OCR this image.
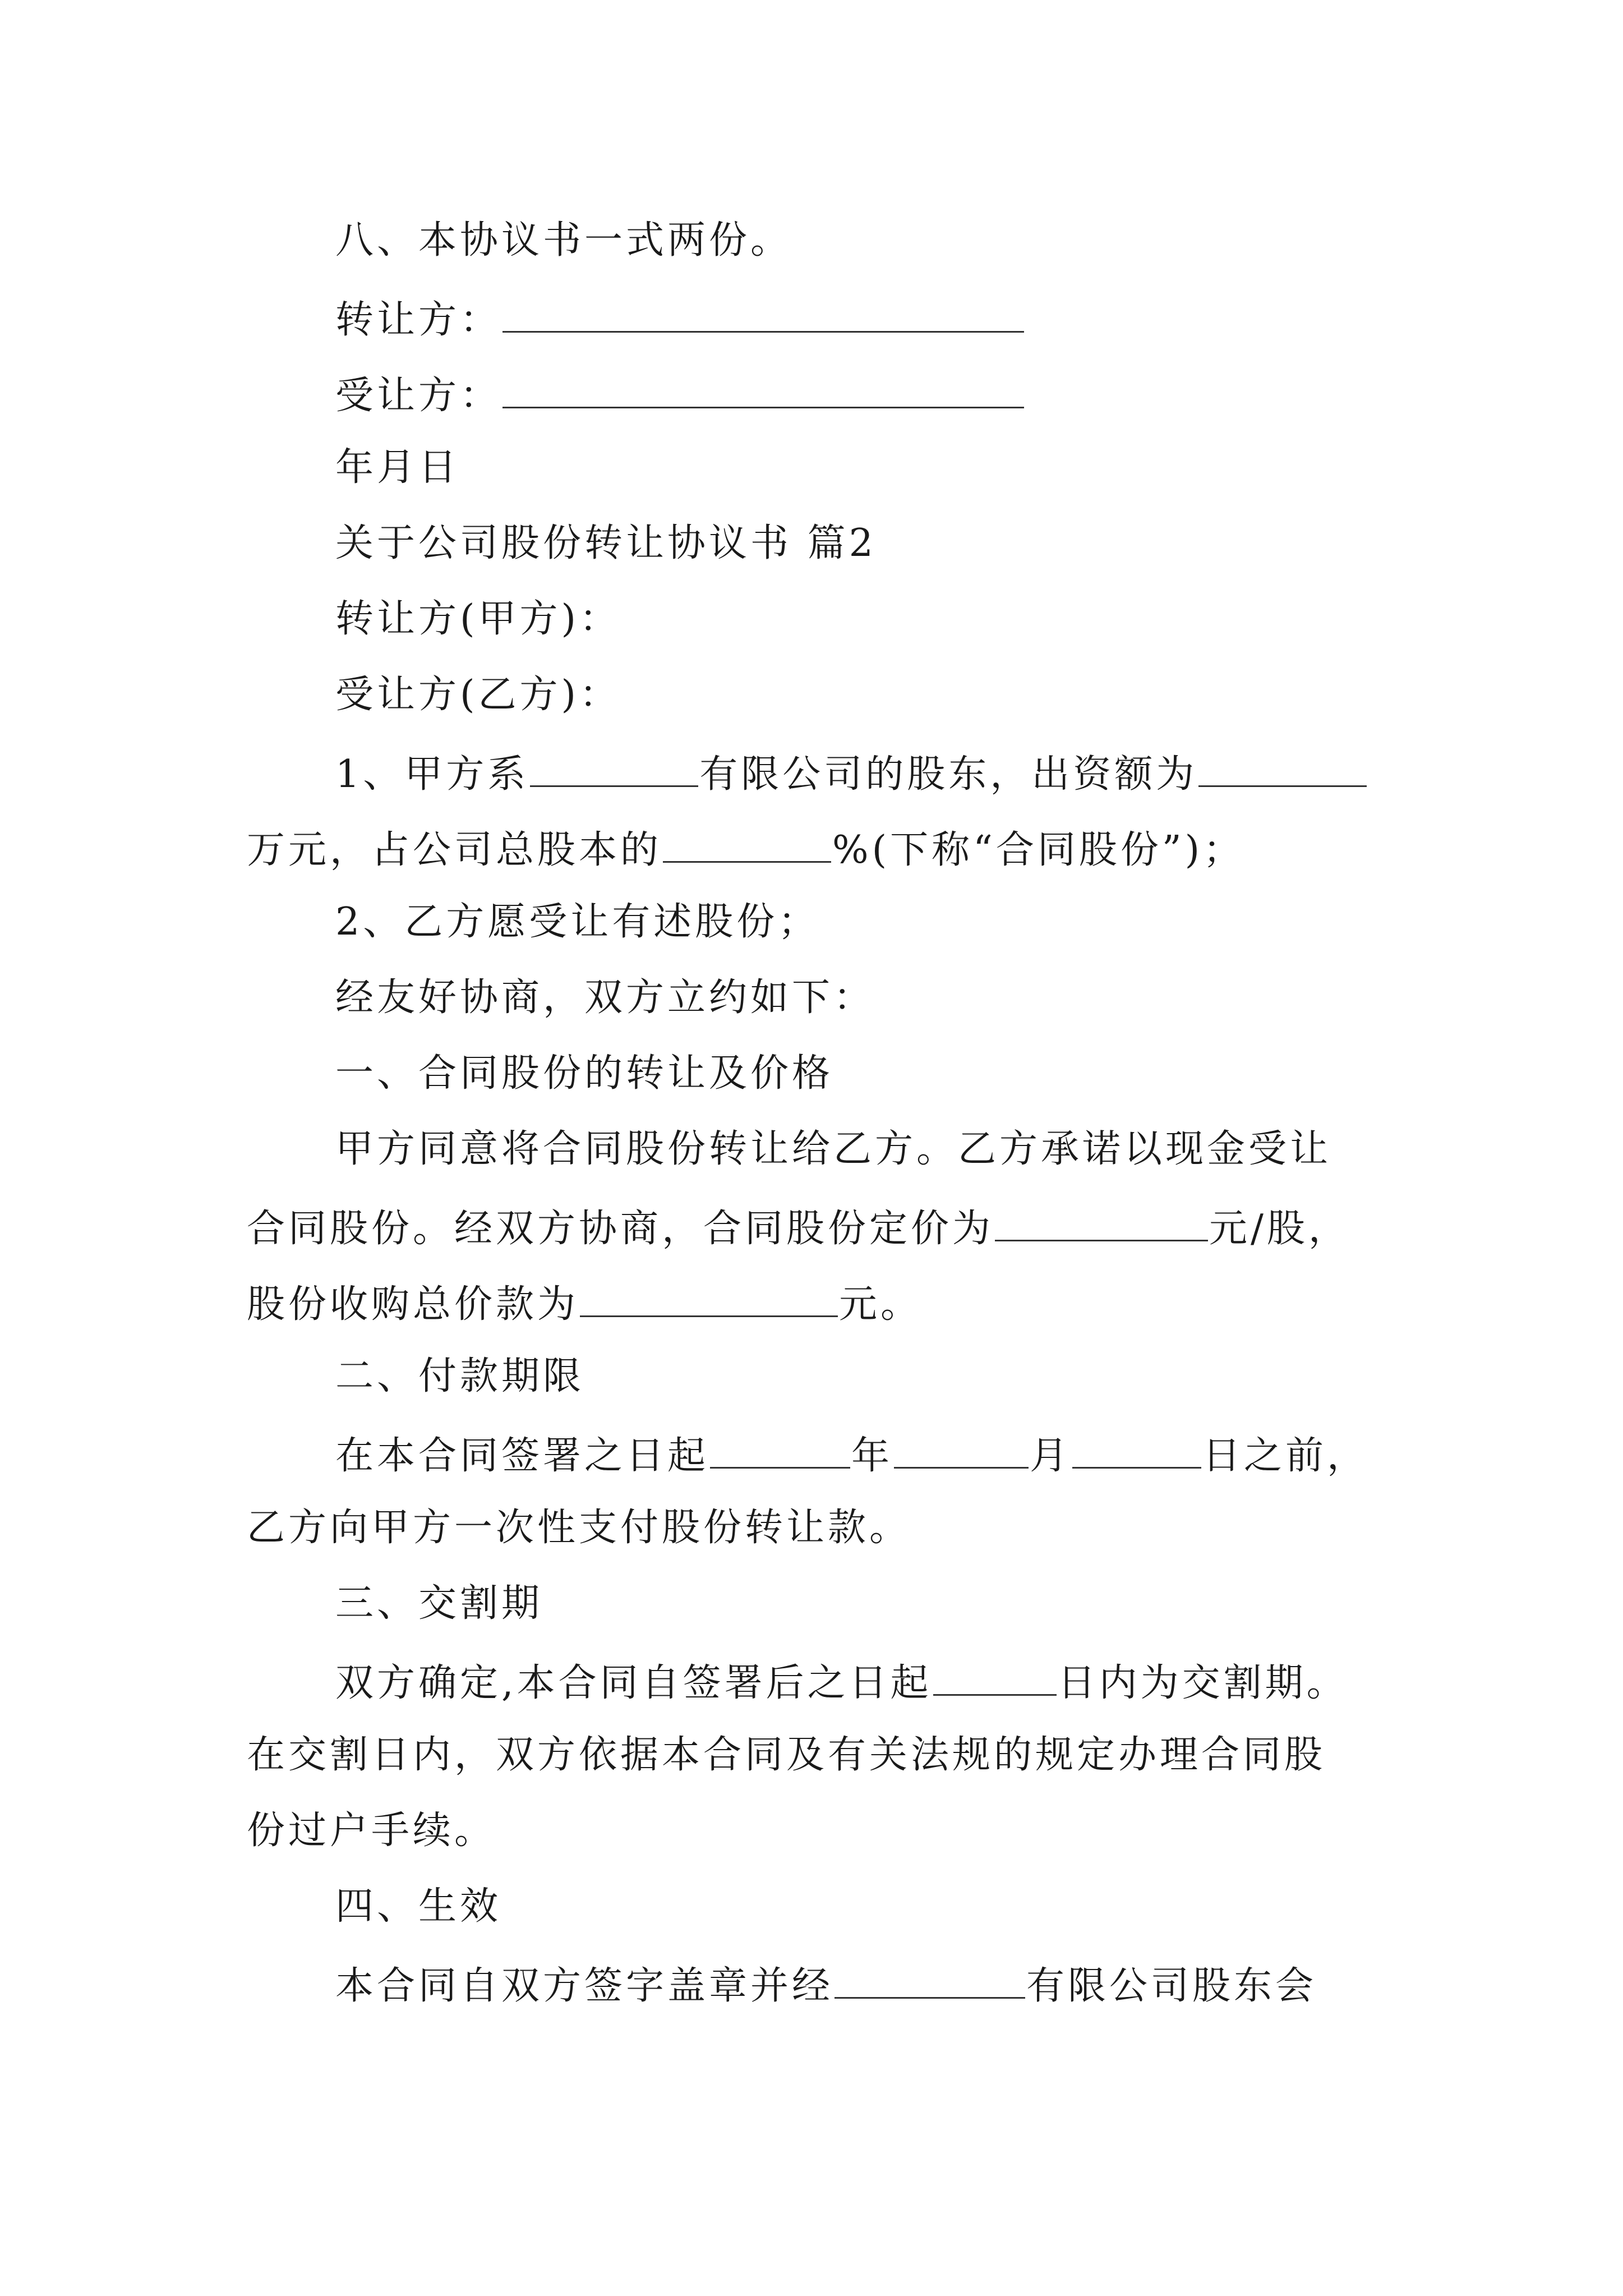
八、本协议书一式两份。
转让方：
受让方：
年月日
关于公司股份转让协议书 篇2
转让方(甲方)：
受让方(乙方)：
1、甲方系	有限公司的股东，出资额为
万元，占公司总股本的	%(下称“合同股份”)；
2、乙方愿受让有述股份；
经友好协商，双方立约如下：
一、合同股份的转让及价格
甲方同意将合同股份转让给乙方。乙方承诺以现金受让
合同股份。经双方协商，合同股份定价为	元/股，
股份收购总价款为	元。
二、付款期限
在本合同签署之日起	年	月	日之前，
乙方向甲方一次性支付股份转让款。
三、交割期
双方确定,本合同自签署后之日起	日内为交割期。
在交割日内，双方依据本合同及有关法规的规定办理合同股
份过户手续。
四、生效
本合同自双方签字盖章并经	有限公司股东会
